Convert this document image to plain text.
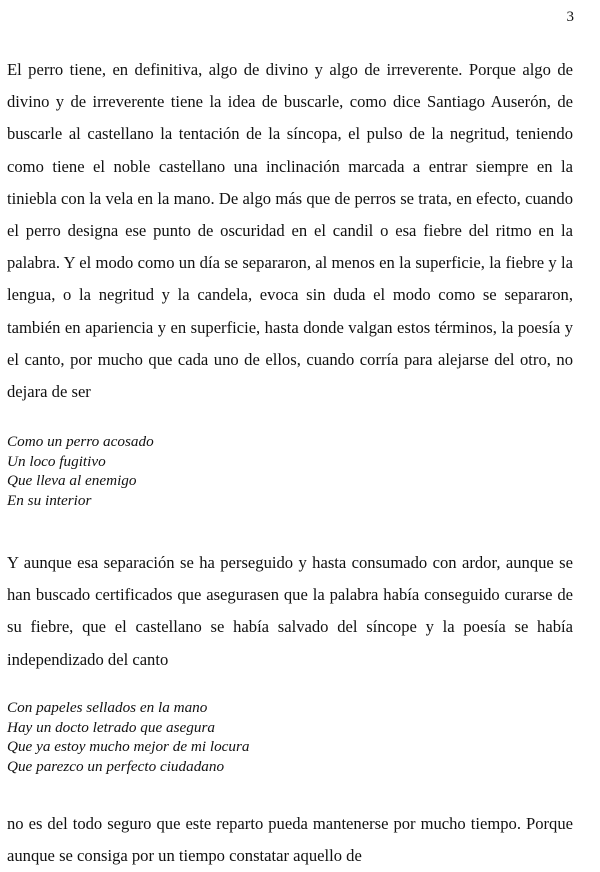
3

El perro tiene, en definitiva, algo de divino y algo de irreverente. Porque algo de divino y de irreverente tiene la idea de buscarle, como dice Santiago Auserón, de buscarle al castellano la tentación de la síncopa, el pulso de la negritud, teniendo como tiene el noble castellano una inclinación marcada a entrar siempre en la tiniebla con la vela en la mano. De algo más que de perros se trata, en efecto, cuando el perro designa ese punto de oscuridad en el candil o esa fiebre del ritmo en la palabra. Y el modo como un día se separaron, al menos en la superficie, la fiebre y la lengua, o la negritud y la candela, evoca sin duda el modo como se separaron, también en apariencia y en superficie, hasta donde valgan estos términos, la poesía y el canto, por mucho que cada uno de ellos, cuando corría para alejarse del otro, no dejara de ser

Como un perro acosado
Un loco fugitivo
Que lleva al enemigo
En su interior

Y aunque esa separación se ha perseguido y hasta consumado con ardor, aunque se han buscado certificados que asegurasen que la palabra había conseguido curarse de su fiebre, que el castellano se había salvado del síncope y la poesía se había independizado del canto

Con papeles sellados en la mano
Hay un docto letrado que asegura
Que ya estoy mucho mejor de mi locura
Que parezco un perfecto ciudadano

no es del todo seguro que este reparto pueda mantenerse por mucho tiempo. Porque aunque se consiga por un tiempo constatar aquello de
